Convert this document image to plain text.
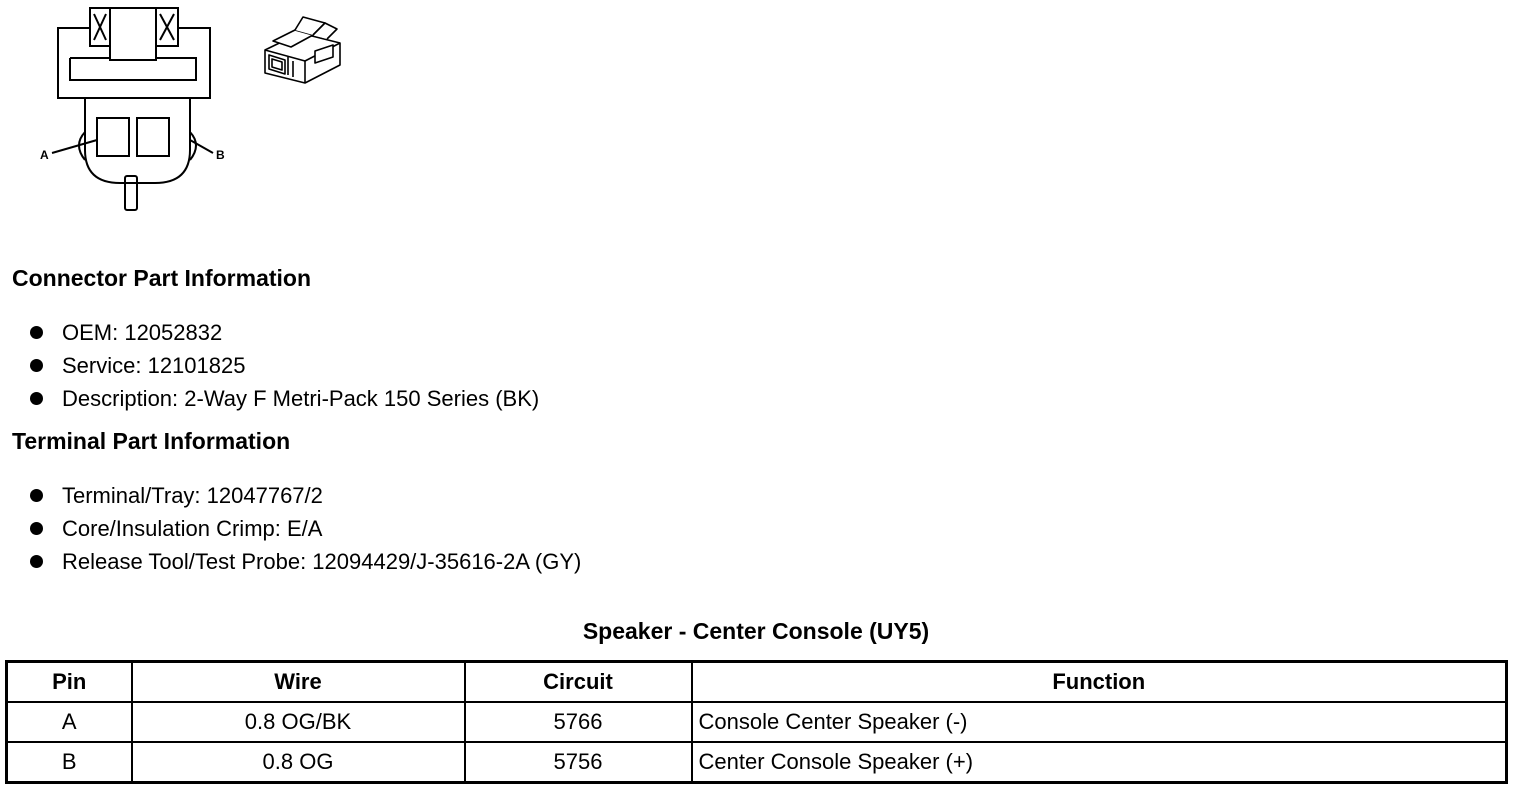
A	B
Connector Part Information
OEM: 12052832
Service: 12101825
Description: 2-Way F Metri-Pack 150 Series (BK)
Terminal Part Information
Terminal/Tray: 12047767/2
Core/Insulation Crimp: E/A
Release Tool/Test Probe: 12094429/J-35616-2A (GY)
Speaker - Center Console (UY5)
Pin	Wire	Circuit	Function
A	0.8 OG/BK	5766	Console Center Speaker (-)
B	0.8 OG	5756	Center Console Speaker (+)
